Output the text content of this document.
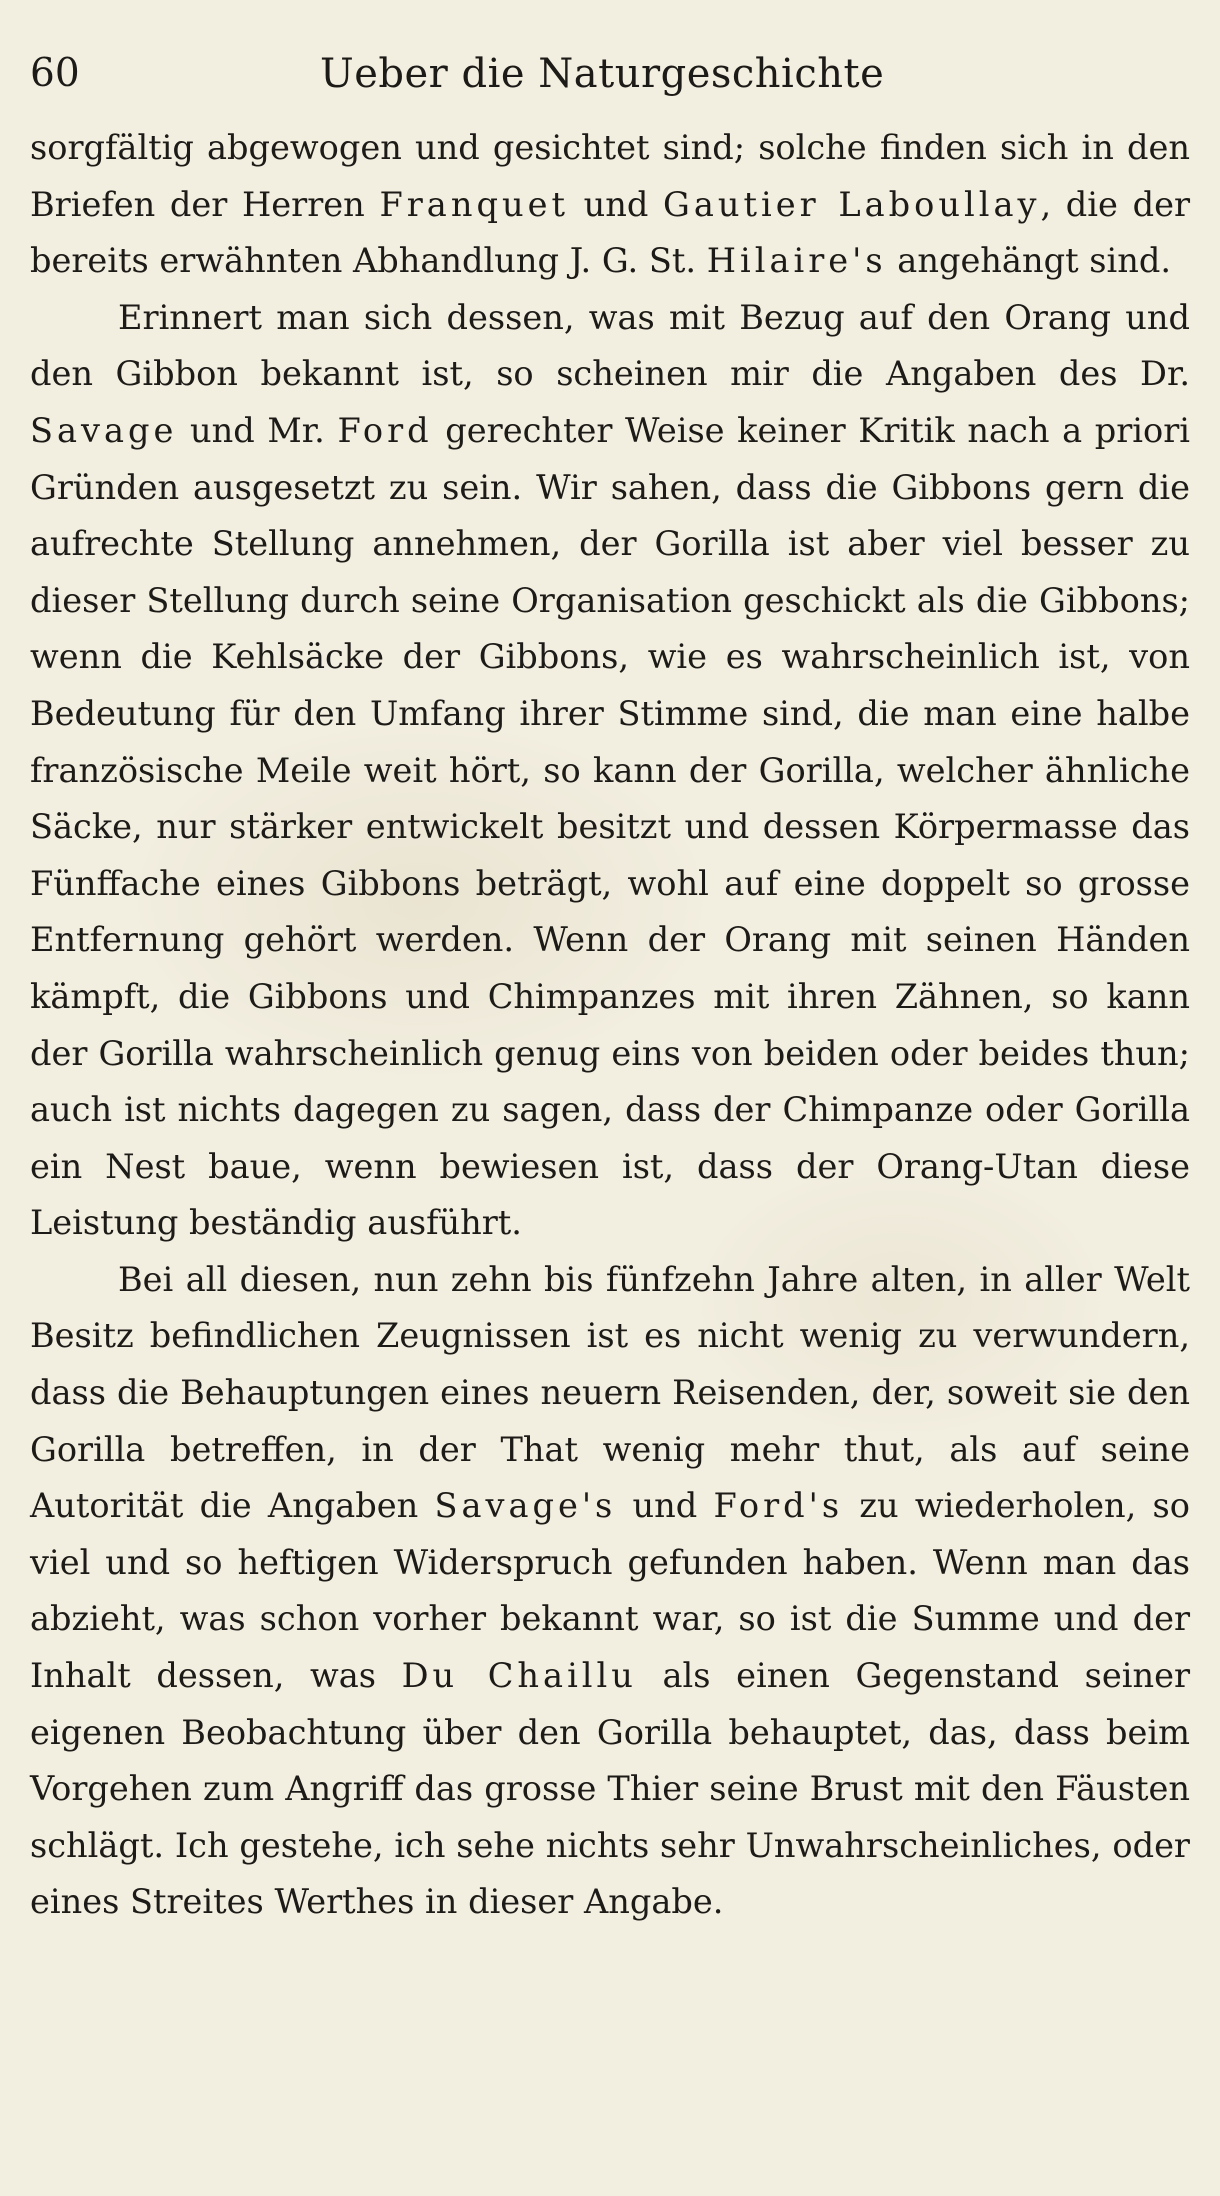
60	Ueber die Naturgeschichte

sorgfältig abgewogen und gesichtet sind; solche finden sich in den Briefen der Herren Franquet und Gautier Laboullay, die der bereits erwähnten Abhandlung J. G. St. Hilaire's angehängt sind.

Erinnert man sich dessen, was mit Bezug auf den Orang und den Gibbon bekannt ist, so scheinen mir die Angaben des Dr. Savage und Mr. Ford gerechter Weise keiner Kritik nach a priori Gründen ausgesetzt zu sein. Wir sahen, dass die Gibbons gern die aufrechte Stellung annehmen, der Gorilla ist aber viel besser zu dieser Stellung durch seine Organisation geschickt als die Gibbons; wenn die Kehlsäcke der Gibbons, wie es wahrscheinlich ist, von Bedeutung für den Umfang ihrer Stimme sind, die man eine halbe französische Meile weit hört, so kann der Gorilla, welcher ähnliche Säcke, nur stärker entwickelt besitzt und dessen Körpermasse das Fünffache eines Gibbons beträgt, wohl auf eine doppelt so grosse Entfernung gehört werden. Wenn der Orang mit seinen Händen kämpft, die Gibbons und Chimpanzes mit ihren Zähnen, so kann der Gorilla wahrscheinlich genug eins von beiden oder beides thun; auch ist nichts dagegen zu sagen, dass der Chimpanze oder Gorilla ein Nest baue, wenn bewiesen ist, dass der Orang-Utan diese Leistung beständig ausführt.

Bei all diesen, nun zehn bis fünfzehn Jahre alten, in aller Welt Besitz befindlichen Zeugnissen ist es nicht wenig zu verwundern, dass die Behauptungen eines neuern Reisenden, der, soweit sie den Gorilla betreffen, in der That wenig mehr thut, als auf seine Autorität die Angaben Savage's und Ford's zu wiederholen, so viel und so heftigen Widerspruch gefunden haben. Wenn man das abzieht, was schon vorher bekannt war, so ist die Summe und der Inhalt dessen, was Du Chaillu als einen Gegenstand seiner eigenen Beobachtung über den Gorilla behauptet, das, dass beim Vorgehen zum Angriff das grosse Thier seine Brust mit den Fäusten schlägt. Ich gestehe, ich sehe nichts sehr Unwahrscheinliches, oder eines Streites Werthes in dieser Angabe.
